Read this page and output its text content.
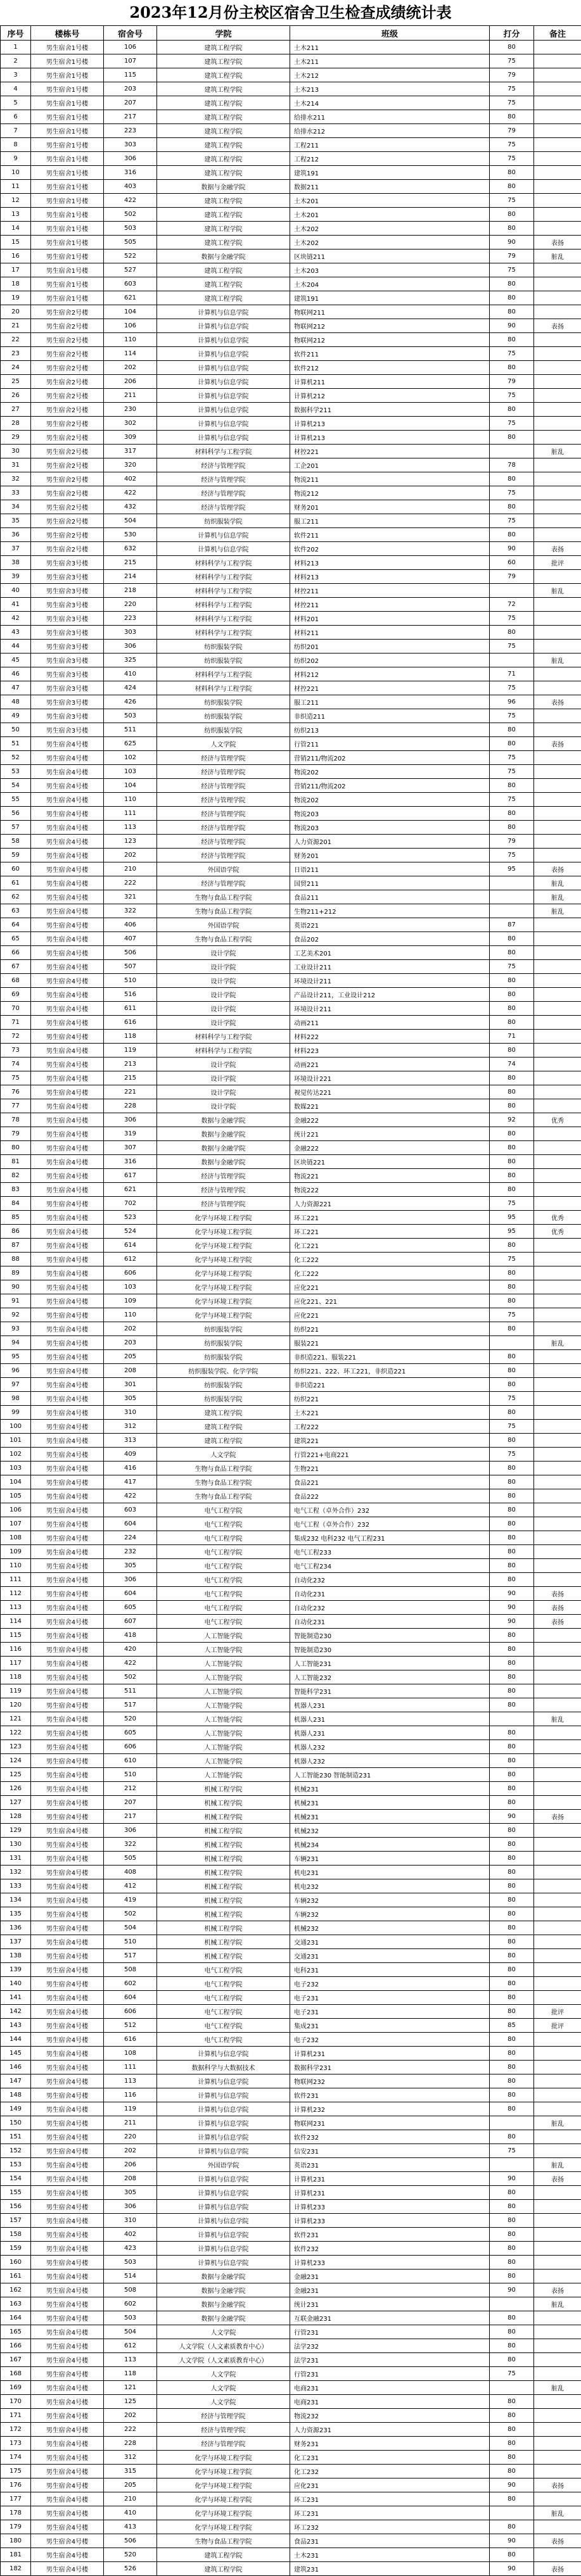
2023年12月份主校区宿舍卫生检查成绩统计表
序号	楼栋号	宿舍号	学院	班级	打分	备注
1	男生宿舍1号楼	106	建筑工程学院	土木211	80	
2	男生宿舍1号楼	107	建筑工程学院	土木211	75	
3	男生宿舍1号楼	115	建筑工程学院	土木212	79	
4	男生宿舍1号楼	203	建筑工程学院	土木213	75	
5	男生宿舍1号楼	207	建筑工程学院	土木214	75	
6	男生宿舍1号楼	217	建筑工程学院	给排水211	80	
7	男生宿舍1号楼	223	建筑工程学院	给排水212	79	
8	男生宿舍1号楼	303	建筑工程学院	工程211	75	
9	男生宿舍1号楼	306	建筑工程学院	工程212	75	
10	男生宿舍1号楼	316	建筑工程学院	建筑191	80	
11	男生宿舍1号楼	403	数据与金融学院	数据211	80	
12	男生宿舍1号楼	422	建筑工程学院	土木201	75	
13	男生宿舍1号楼	502	建筑工程学院	土木201	80	
14	男生宿舍1号楼	503	建筑工程学院	土木202	80	
15	男生宿舍1号楼	505	建筑工程学院	土木202	90	表扬
16	男生宿舍1号楼	522	数据与金融学院	区块链211	79	脏乱
17	男生宿舍1号楼	527	建筑工程学院	土木203	75	
18	男生宿舍1号楼	603	建筑工程学院	土木204	80	
19	男生宿舍1号楼	621	建筑工程学院	建筑191	80	
20	男生宿舍2号楼	104	计算机与信息学院	物联网211	80	
21	男生宿舍2号楼	106	计算机与信息学院	物联网212	90	表扬
22	男生宿舍2号楼	110	计算机与信息学院	物联网212	80	
23	男生宿舍2号楼	114	计算机与信息学院	软件211	75	
24	男生宿舍2号楼	202	计算机与信息学院	软件212	80	
25	男生宿舍2号楼	206	计算机与信息学院	计算机211	79	
26	男生宿舍2号楼	211	计算机与信息学院	计算机212	75	
27	男生宿舍2号楼	230	计算机与信息学院	数据科学211	80	
28	男生宿舍2号楼	302	计算机与信息学院	计算机213	75	
29	男生宿舍2号楼	309	计算机与信息学院	计算机213	80	
30	男生宿舍2号楼	317	材料科学与工程学院	材控221		脏乱
31	男生宿舍2号楼	320	经济与管理学院	工企201	78	
32	男生宿舍2号楼	402	经济与管理学院	物流211	80	
33	男生宿舍2号楼	422	经济与管理学院	物流212	75	
34	男生宿舍2号楼	432	经济与管理学院	财务201	80	
35	男生宿舍2号楼	504	纺织服装学院	服工211	75	
36	男生宿舍2号楼	530	计算机与信息学院	软件211	80	
37	男生宿舍2号楼	632	计算机与信息学院	软件202	90	表扬
38	男生宿舍3号楼	215	材料科学与工程学院	材料213	60	批评
39	男生宿舍3号楼	214	材料科学与工程学院	材料213	79	
40	男生宿舍3号楼	218	材料科学与工程学院	材控211		脏乱
41	男生宿舍3号楼	220	材料科学与工程学院	材控211	72	
42	男生宿舍3号楼	223	材料科学与工程学院	材料201	75	
43	男生宿舍3号楼	303	材料科学与工程学院	材料211	80	
44	男生宿舍3号楼	306	纺织服装学院	纺织201	75	
45	男生宿舍3号楼	325	纺织服装学院	纺织202		脏乱
46	男生宿舍3号楼	410	材料科学与工程学院	材料212	71	
47	男生宿舍3号楼	424	材料科学与工程学院	材控221	75	
48	男生宿舍3号楼	426	纺织服装学院	服工211	96	表扬
49	男生宿舍3号楼	503	纺织服装学院	非织造211	75	
50	男生宿舍3号楼	511	纺织服装学院	纺织213	80	
51	男生宿舍4号楼	625	人文学院	行管211	80	表扬
52	男生宿舍4号楼	102	经济与管理学院	营销211/物流202	75	
53	男生宿舍4号楼	103	经济与管理学院	物流202	75	
54	男生宿舍4号楼	104	经济与管理学院	营销211/物流202	80	
55	男生宿舍4号楼	110	经济与管理学院	物流202	75	
56	男生宿舍4号楼	111	经济与管理学院	物流203	80	
57	男生宿舍4号楼	113	经济与管理学院	物流203	80	
58	男生宿舍4号楼	123	经济与管理学院	人力资源201	79	
59	男生宿舍4号楼	202	经济与管理学院	财务201	75	
60	男生宿舍4号楼	210	外国语学院	日语211	95	表扬
61	男生宿舍4号楼	222	经济与管理学院	国贸211		脏乱
62	男生宿舍4号楼	321	生物与食品工程学院	食品211		脏乱
63	男生宿舍4号楼	322	生物与食品工程学院	生物211+212		脏乱
64	男生宿舍4号楼	406	外国语学院	英语221	87	
65	男生宿舍4号楼	407	生物与食品工程学院	食品202	80	
66	男生宿舍4号楼	506	设计学院	工艺美术201	80	
67	男生宿舍4号楼	507	设计学院	工业设计211	75	
68	男生宿舍4号楼	510	设计学院	环境设计211	80	
69	男生宿舍4号楼	516	设计学院	产品设计211，工业设计212	80	
70	男生宿舍4号楼	611	设计学院	环境设计211	80	
71	男生宿舍4号楼	616	设计学院	动画211	80	
72	男生宿舍4号楼	118	材料科学与工程学院	材料222	71	
73	男生宿舍4号楼	119	材料科学与工程学院	材料223	80	
74	男生宿舍4号楼	213	设计学院	动画221	74	
75	男生宿舍4号楼	215	设计学院	环境设计221	80	
76	男生宿舍4号楼	221	设计学院	视觉传达221	80	
77	男生宿舍4号楼	228	设计学院	数媒221	80	
78	男生宿舍4号楼	306	数据与金融学院	金融222	92	优秀
79	男生宿舍4号楼	319	数据与金融学院	统计221	80	
80	男生宿舍4号楼	307	数据与金融学院	金融222	80	
81	男生宿舍4号楼	316	数据与金融学院	区块链221	80	
82	男生宿舍4号楼	617	经济与管理学院	物流221	80	
83	男生宿舍4号楼	621	经济与管理学院	物流222	80	
84	男生宿舍4号楼	702	经济与管理学院	人力资源221	75	
85	男生宿舍4号楼	523	化学与环境工程学院	环工221	95	优秀
86	男生宿舍4号楼	524	化学与环境工程学院	环工221	95	优秀
87	男生宿舍4号楼	614	化学与环境工程学院	化工221	80	
88	男生宿舍4号楼	612	化学与环境工程学院	化工222	75	
89	男生宿舍4号楼	606	化学与环境工程学院	化工222	80	
90	男生宿舍4号楼	103	化学与环境工程学院	应化221	80	
91	男生宿舍4号楼	109	化学与环境工程学院	应化221、221	80	
92	男生宿舍4号楼	110	化学与环境工程学院	应化221	75	
93	男生宿舍4号楼	202	纺织服装学院	纺织221	80	
94	男生宿舍4号楼	203	纺织服装学院	服装221		脏乱
95	男生宿舍4号楼	205	纺织服装学院	非织造221、服装221	80	
96	男生宿舍4号楼	208	纺织服装学院、化学学院	纺织221、222、环工221，非织造221	80	
97	男生宿舍4号楼	301	纺织服装学院	非织造221	80	
98	男生宿舍4号楼	305	纺织服装学院	纺织221	75	
99	男生宿舍4号楼	310	建筑工程学院	土木221	80	
100	男生宿舍4号楼	312	建筑工程学院	工程222	75	
101	男生宿舍4号楼	313	建筑工程学院	建筑221	80	
102	男生宿舍4号楼	409	人文学院	行管221+电商221	75	
103	男生宿舍4号楼	416	生物与食品工程学院	生物221	80	
104	男生宿舍4号楼	417	生物与食品工程学院	食品221	80	
105	男生宿舍4号楼	422	生物与食品工程学院	食品222	80	
106	男生宿舍4号楼	603	电气工程学院	电气工程（卓外合作）232	80	
107	男生宿舍4号楼	604	电气工程学院	电气工程（卓外合作）232	80	
108	男生宿舍4号楼	224	电气工程学院	集成232 电科232 电气工程231	80	
109	男生宿舍4号楼	232	电气工程学院	电气工程233	80	
110	男生宿舍4号楼	305	电气工程学院	电气工程234	80	
111	男生宿舍4号楼	306	电气工程学院	自动化232	80	
112	男生宿舍4号楼	604	电气工程学院	自动化231	90	表扬
113	男生宿舍4号楼	605	电气工程学院	自动化232	90	表扬
114	男生宿舍4号楼	607	电气工程学院	自动化231	90	表扬
115	男生宿舍4号楼	418	人工智能学院	智能制造230	80	
116	男生宿舍4号楼	420	人工智能学院	智能制造230	80	
117	男生宿舍4号楼	422	人工智能学院	人工智能231	80	
118	男生宿舍4号楼	502	人工智能学院	人工智能232	80	
119	男生宿舍4号楼	511	人工智能学院	智能科学231	80	
120	男生宿舍4号楼	517	人工智能学院	机器人231	80	
121	男生宿舍4号楼	520	人工智能学院	机器人231		脏乱
122	男生宿舍4号楼	605	人工智能学院	机器人231	80	
123	男生宿舍4号楼	606	人工智能学院	机器人232	80	
124	男生宿舍4号楼	610	人工智能学院	机器人232	80	
125	男生宿舍4号楼	510	人工智能学院	人工智能230 智能制造231	80	
126	男生宿舍4号楼	212	机械工程学院	机械231	80	
127	男生宿舍4号楼	207	机械工程学院	机械231	80	
128	男生宿舍4号楼	217	机械工程学院	机械231	90	表扬
129	男生宿舍4号楼	306	机械工程学院	机械232	80	
130	男生宿舍4号楼	322	机械工程学院	机械234	80	
131	男生宿舍4号楼	505	机械工程学院	车辆231	80	
132	男生宿舍4号楼	408	机械工程学院	机电231	80	
133	男生宿舍4号楼	412	机械工程学院	机电232	80	
134	男生宿舍4号楼	419	机械工程学院	车辆232	80	
135	男生宿舍4号楼	502	机械工程学院	车辆232	80	
136	男生宿舍4号楼	504	机械工程学院	机械232	80	
137	男生宿舍4号楼	510	机械工程学院	交通231	80	
138	男生宿舍4号楼	517	机械工程学院	交通231	80	
139	男生宿舍4号楼	508	电气工程学院	电科231	80	
140	男生宿舍4号楼	602	电气工程学院	电子232	80	
141	男生宿舍4号楼	604	电气工程学院	电子231	80	
142	男生宿舍4号楼	606	电气工程学院	电子231	80	批评
143	男生宿舍4号楼	512	电气工程学院	集成231	85	批评
144	男生宿舍4号楼	616	电气工程学院	电子232	80	
145	男生宿舍4号楼	108	计算机与信息学院	计算机231	80	
146	男生宿舍4号楼	111	数据科学与大数据技术	数据科学231	80	
147	男生宿舍4号楼	113	计算机与信息学院	物联网232	80	
148	男生宿舍4号楼	116	计算机与信息学院	软件231	80	
149	男生宿舍4号楼	119	计算机与信息学院	计算机232	80	
150	男生宿舍4号楼	211	计算机与信息学院	物联网231		脏乱
151	男生宿舍4号楼	220	计算机与信息学院	软件232	80	
152	男生宿舍4号楼	202	计算机与信息学院	信安231	75	
153	男生宿舍4号楼	206	外国语学院	英语231		脏乱
154	男生宿舍4号楼	208	计算机与信息学院	计算机231	90	表扬
155	男生宿舍4号楼	305	计算机与信息学院	计算机231	80	
156	男生宿舍4号楼	306	计算机与信息学院	计算机233	80	
157	男生宿舍4号楼	310	计算机与信息学院	计算机233	80	
158	男生宿舍4号楼	402	计算机与信息学院	软件231	80	
159	男生宿舍4号楼	423	计算机与信息学院	软件232	80	
160	男生宿舍4号楼	503	计算机与信息学院	计算机233	80	
161	男生宿舍4号楼	514	数据与金融学院	金融231	80	
162	男生宿舍4号楼	508	数据与金融学院	金融231	90	表扬
163	男生宿舍4号楼	602	数据与金融学院	统计231		脏乱
164	男生宿舍4号楼	503	数据与金融学院	互联金融231	80	
165	男生宿舍4号楼	504	人文学院	行管231	80	
166	男生宿舍4号楼	612	人文学院（人文素质教育中心）	法学232	80	
167	男生宿舍4号楼	113	人文学院（人文素质教育中心）	法学231	80	
168	男生宿舍4号楼	118	人文学院	行管231	75	
169	男生宿舍4号楼	121	人文学院	电商231		脏乱
170	男生宿舍4号楼	125	人文学院	电商231	80	
171	男生宿舍4号楼	202	经济与管理学院	物流232	80	
172	男生宿舍4号楼	222	经济与管理学院	人力资源231	80	
173	男生宿舍4号楼	228	经济与管理学院	财务231	80	
174	男生宿舍4号楼	312	化学与环境工程学院	化工231	80	
175	男生宿舍4号楼	315	化学与环境工程学院	化工232	80	
176	男生宿舍4号楼	205	化学与环境工程学院	应化231	90	表扬
177	男生宿舍4号楼	210	化学与环境工程学院	环工231	80	
178	男生宿舍4号楼	410	化学与环境工程学院	环工231		脏乱
179	男生宿舍4号楼	413	化学与环境工程学院	环工232	80	
180	男生宿舍4号楼	506	生物与食品工程学院	食品231	90	表扬
181	男生宿舍4号楼	520	建筑工程学院	土木231	80	
182	男生宿舍4号楼	526	建筑工程学院	建筑231	90	表扬
